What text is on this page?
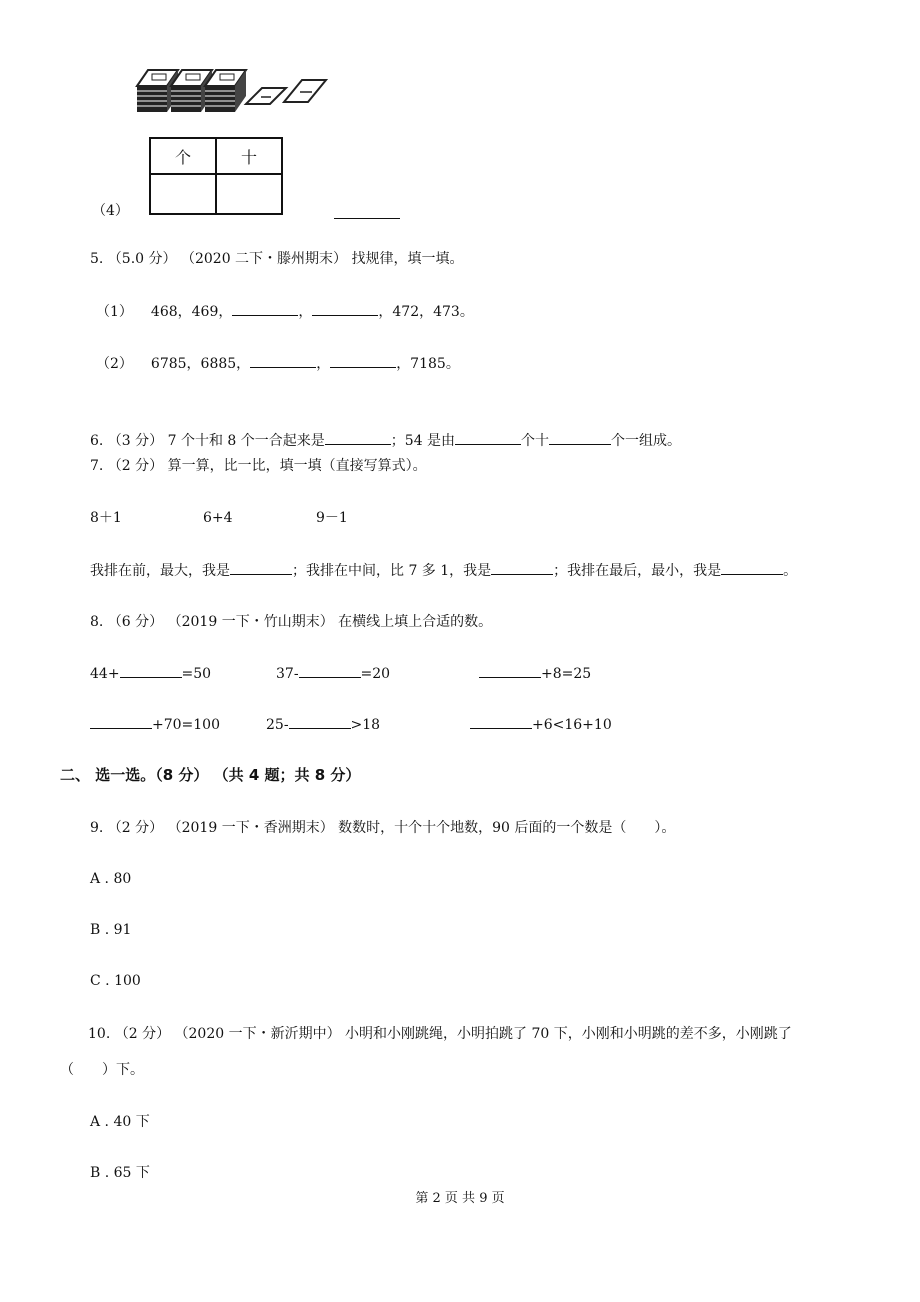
个	十

（4）
5. （5.0 分） （2020 二下・滕州期末） 找规律，填一填。
（1） 468，469，	，	，472，473。
（2） 6785，6885，	，	，7185。
6. （3 分） 7 个十和 8 个一合起来是	；54 是由	个十	个一组成。
7. （2 分） 算一算，比一比，填一填（直接写算式）。
8＋1	6+4	9－1
我排在前，最大，我是	；我排在中间，比 7 多 1，我是	；我排在最后，最小，我是	。
8. （6 分） （2019 一下・竹山期末） 在横线上填上合适的数。
44+	=50	37-	=20	+8=25
+70=100	25-	>18	+6<16+10
二、 选一选。（8 分） （共 4 题；共 8 分）
9. （2 分） （2019 一下・香洲期末） 数数时，十个十个地数，90 后面的一个数是（　　）。
A . 80
B . 91
C . 100
10. （2 分） （2020 一下・新沂期中） 小明和小刚跳绳，小明拍跳了 70 下，小刚和小明跳的差不多，小刚跳了
（　　）下。
A . 40 下
B . 65 下
第 2 页 共 9 页
